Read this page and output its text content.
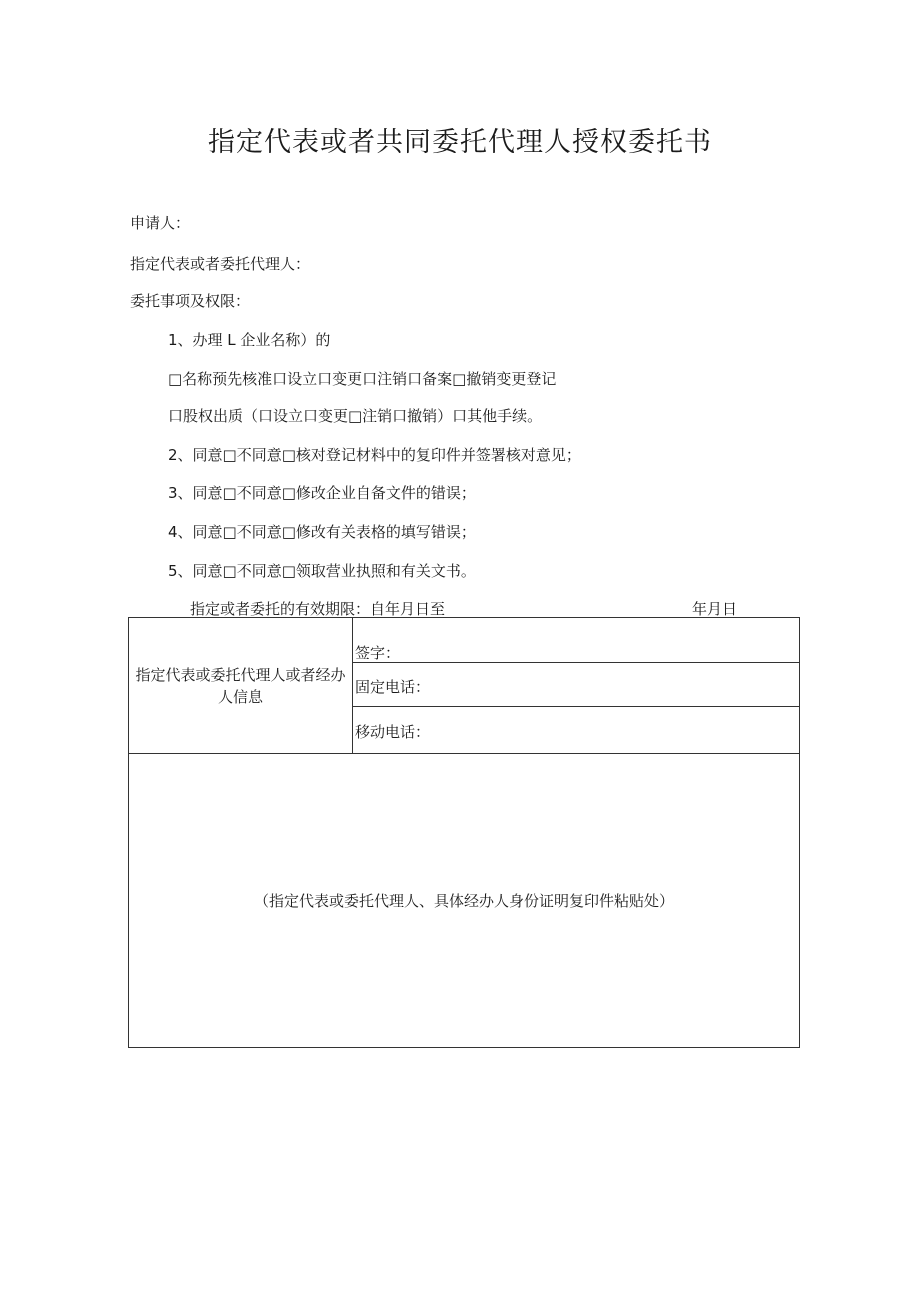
指定代表或者共同委托代理人授权委托书
申请人：
指定代表或者委托代理人：
委托事项及权限：
1、办理 L 企业名称）的
□名称预先核准口设立口变更口注销口备案□撤销变更登记
口股权出质（口设立口变更□注销口撤销）口其他手续。
2、同意□不同意□核对登记材料中的复印件并签署核对意见；
3、同意□不同意□修改企业自备文件的错误；
4、同意□不同意□修改有关表格的填写错误；
5、同意□不同意□领取营业执照和有关文书。
指定或者委托的有效期限：自年月日至	年月日
指定代表或委托代理人或者经办人信息
签字：
固定电话：
移动电话：
（指定代表或委托代理人、具体经办人身份证明复印件粘贴处）
